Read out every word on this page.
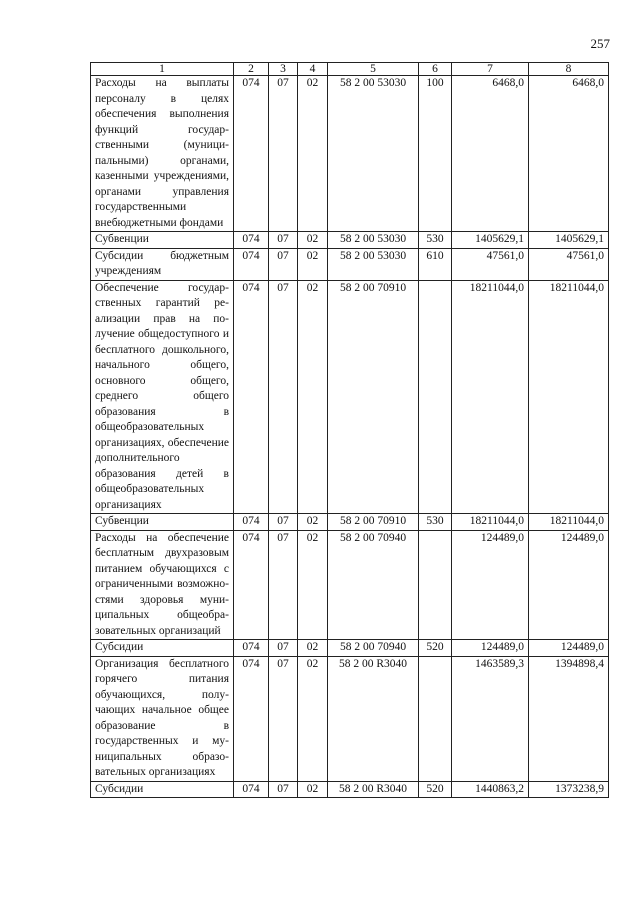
257
1	2	3	4	5	6	7	8
Расходы на выплаты персоналу в целях обеспечения выполнения функций государственными (муниципальными) органами, казенными учреждениями, органами управления государственными внебюджетными фондами	074	07	02	58 2 00 53030	100	6468,0	6468,0
Субвенции	074	07	02	58 2 00 53030	530	1405629,1	1405629,1
Субсидии бюджетным учреждениям	074	07	02	58 2 00 53030	610	47561,0	47561,0
Обеспечение государственных гарантий реализации прав на получение общедоступного и бесплатного дошкольного, начального общего, основного общего, среднего общего образования в общеобразовательных организациях, обеспечение дополнительного образования детей в общеобразовательных организациях	074	07	02	58 2 00 70910		18211044,0	18211044,0
Субвенции	074	07	02	58 2 00 70910	530	18211044,0	18211044,0
Расходы на обеспечение бесплатным двухразовым питанием обучающихся с ограниченными возможностями здоровья муниципальных общеобразовательных организаций	074	07	02	58 2 00 70940		124489,0	124489,0
Субсидии	074	07	02	58 2 00 70940	520	124489,0	124489,0
Организация бесплатного горячего питания обучающихся, получающих начальное общее образование в государственных и муниципальных образовательных организациях	074	07	02	58 2 00 R3040		1463589,3	1394898,4
Субсидии	074	07	02	58 2 00 R3040	520	1440863,2	1373238,9
